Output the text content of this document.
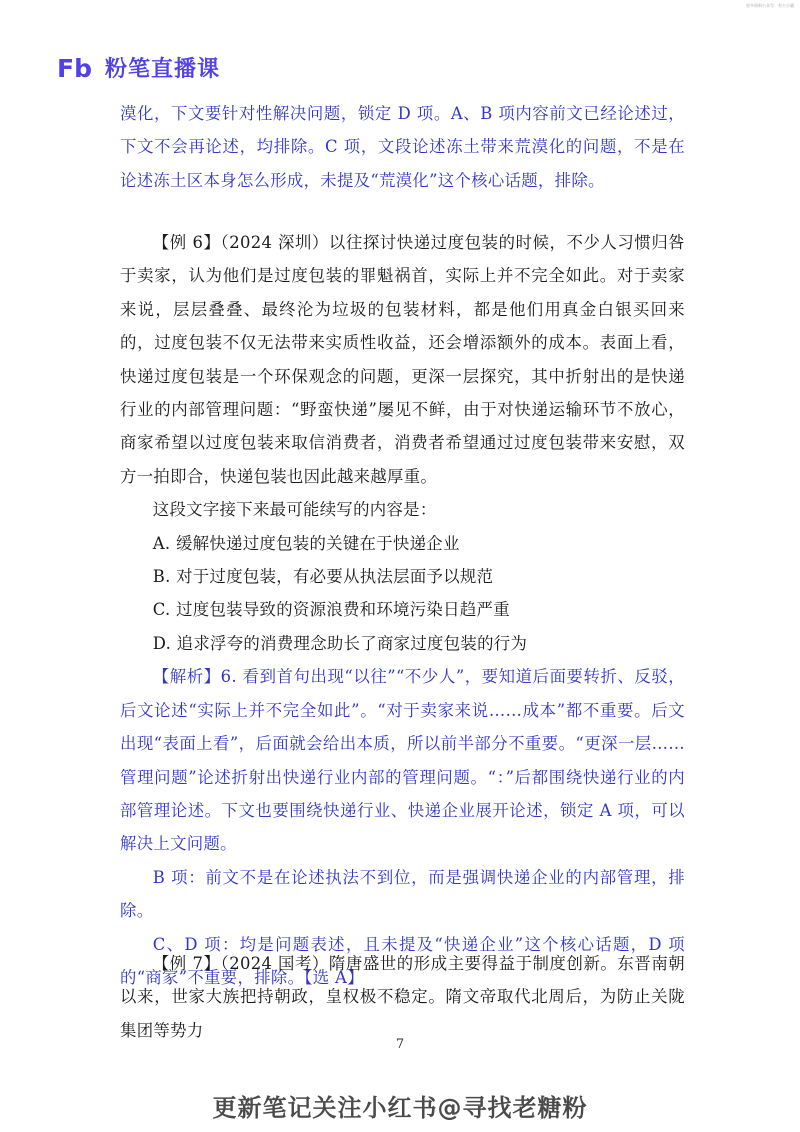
更多资料公众号：有公小猫
Fb 粉笔直播课

漠化，下文要针对性解决问题，锁定 D 项。A、B 项内容前文已经论述过，下文不会再论述，均排除。C 项，文段论述冻土带来荒漠化的问题，不是在论述冻土区本身怎么形成，未提及“荒漠化”这个核心话题，排除。

【例 6】（2024 深圳）以往探讨快递过度包装的时候，不少人习惯归咎于卖家，认为他们是过度包装的罪魁祸首，实际上并不完全如此。对于卖家来说，层层叠叠、最终沦为垃圾的包装材料，都是他们用真金白银买回来的，过度包装不仅无法带来实质性收益，还会增添额外的成本。表面上看，快递过度包装是一个环保观念的问题，更深一层探究，其中折射出的是快递行业的内部管理问题：“野蛮快递”屡见不鲜，由于对快递运输环节不放心，商家希望以过度包装来取信消费者，消费者希望通过过度包装带来安慰，双方一拍即合，快递包装也因此越来越厚重。

这段文字接下来最可能续写的内容是：

A. 缓解快递过度包装的关键在于快递企业

B. 对于过度包装，有必要从执法层面予以规范

C. 过度包装导致的资源浪费和环境污染日趋严重

D. 追求浮夸的消费理念助长了商家过度包装的行为

【解析】6. 看到首句出现“以往”“不少人”，要知道后面要转折、反驳，后文论述“实际上并不完全如此”。“对于卖家来说……成本”都不重要。后文出现“表面上看”，后面就会给出本质，所以前半部分不重要。“更深一层……管理问题”论述折射出快递行业内部的管理问题。“：”后都围绕快递行业的内部管理论述。下文也要围绕快递行业、快递企业展开论述，锁定 A 项，可以解决上文问题。

B 项：前文不是在论述执法不到位，而是强调快递企业的内部管理，排除。

C、D 项：均是问题表述，且未提及“快递企业”这个核心话题，D 项的“商家”不重要，排除。【选 A】

【例 7】（2024 国考）隋唐盛世的形成主要得益于制度创新。东晋南朝以来，世家大族把持朝政，皇权极不稳定。隋文帝取代北周后，为防止关陇集团等势力

7
更新笔记关注小红书@寻找老糖粉
